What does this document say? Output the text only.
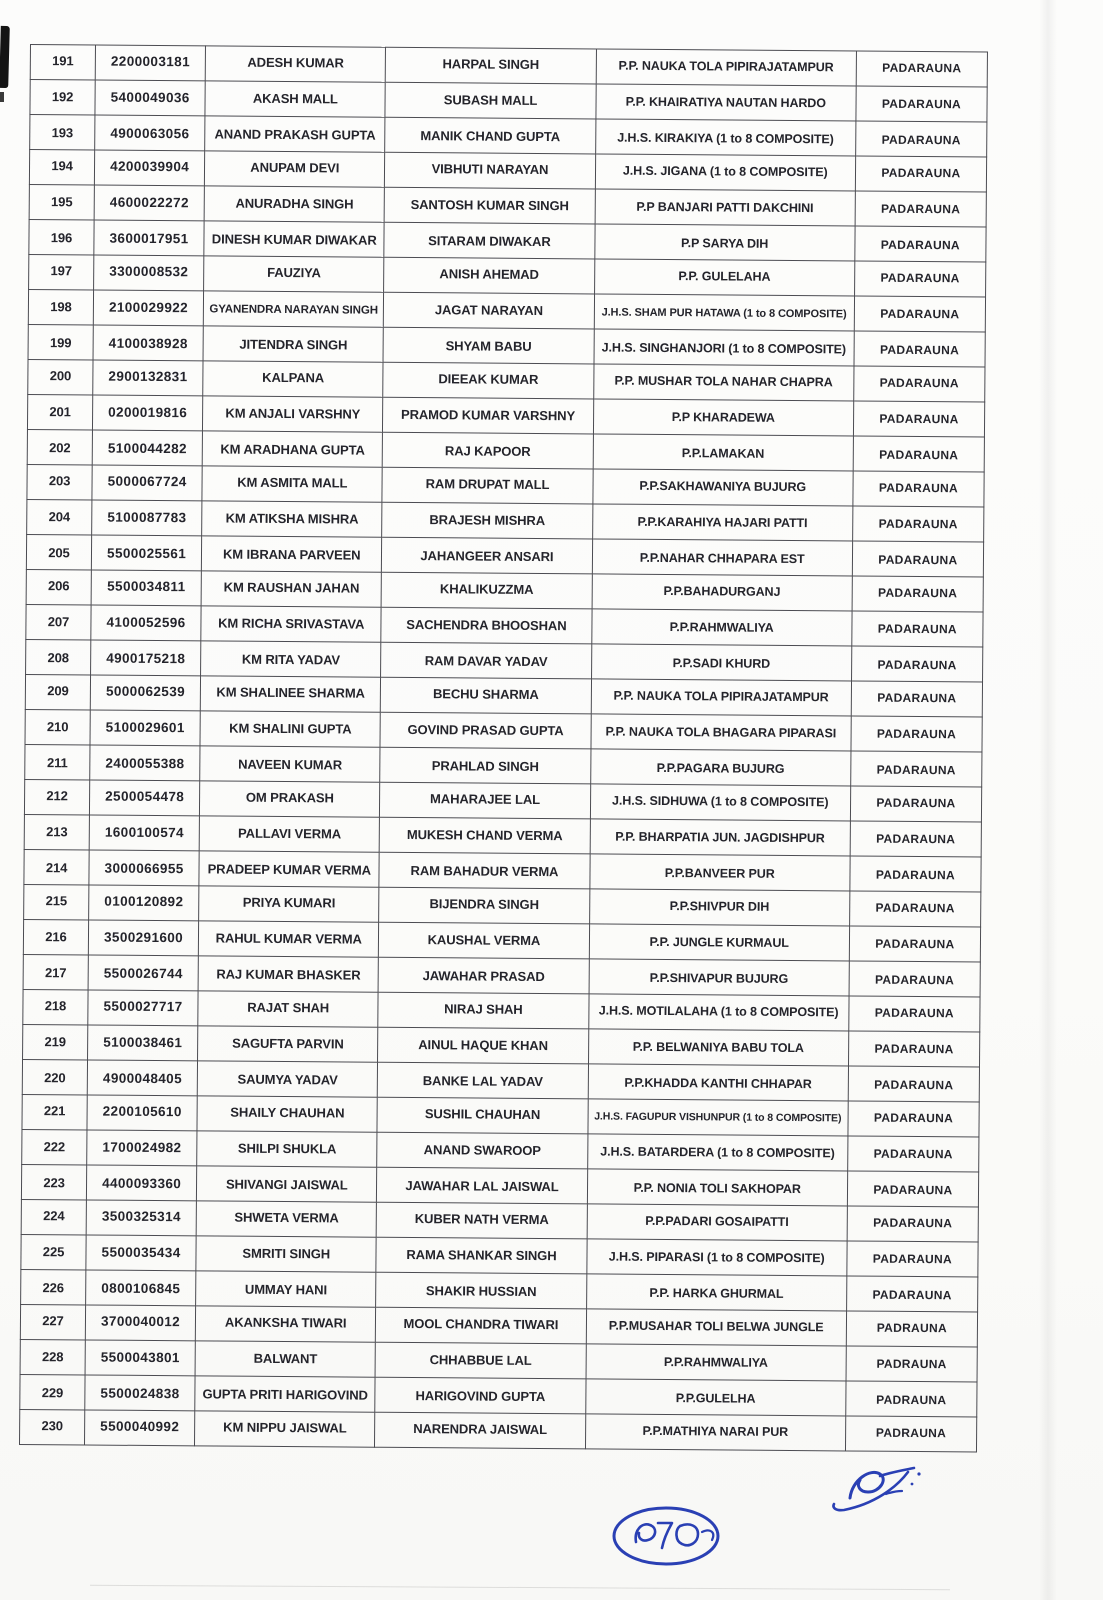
191	2200003181	ADESH KUMAR	HARPAL SINGH	P.P. NAUKA TOLA PIPIRAJATAMPUR	PADARAUNA
192	5400049036	AKASH MALL	SUBASH MALL	P.P. KHAIRATIYA NAUTAN HARDO	PADARAUNA
193	4900063056	ANAND PRAKASH GUPTA	MANIK CHAND GUPTA	J.H.S. KIRAKIYA (1 to 8 COMPOSITE)	PADARAUNA
194	4200039904	ANUPAM DEVI	VIBHUTI NARAYAN	J.H.S. JIGANA (1 to 8 COMPOSITE)	PADARAUNA
195	4600022272	ANURADHA SINGH	SANTOSH KUMAR SINGH	P.P BANJARI PATTI DAKCHINI	PADARAUNA
196	3600017951	DINESH KUMAR DIWAKAR	SITARAM DIWAKAR	P.P SARYA DIH	PADARAUNA
197	3300008532	FAUZIYA	ANISH AHEMAD	P.P. GULELAHA	PADARAUNA
198	2100029922	GYANENDRA NARAYAN SINGH	JAGAT NARAYAN	J.H.S. SHAM PUR HATAWA (1 to 8 COMPOSITE)	PADARAUNA
199	4100038928	JITENDRA SINGH	SHYAM BABU	J.H.S. SINGHANJORI (1 to 8 COMPOSITE)	PADARAUNA
200	2900132831	KALPANA	DIEEAK KUMAR	P.P. MUSHAR TOLA NAHAR CHAPRA	PADARAUNA
201	0200019816	KM ANJALI VARSHNY	PRAMOD KUMAR VARSHNY	P.P KHARADEWA	PADARAUNA
202	5100044282	KM ARADHANA GUPTA	RAJ KAPOOR	P.P.LAMAKAN	PADARAUNA
203	5000067724	KM ASMITA MALL	RAM DRUPAT MALL	P.P.SAKHAWANIYA BUJURG	PADARAUNA
204	5100087783	KM ATIKSHA MISHRA	BRAJESH MISHRA	P.P.KARAHIYA HAJARI PATTI	PADARAUNA
205	5500025561	KM IBRANA PARVEEN	JAHANGEER ANSARI	P.P.NAHAR CHHAPARA EST	PADARAUNA
206	5500034811	KM RAUSHAN JAHAN	KHALIKUZZMA	P.P.BAHADURGANJ	PADARAUNA
207	4100052596	KM RICHA SRIVASTAVA	SACHENDRA BHOOSHAN	P.P.RAHMWALIYA	PADARAUNA
208	4900175218	KM RITA YADAV	RAM DAVAR YADAV	P.P.SADI KHURD	PADARAUNA
209	5000062539	KM SHALINEE SHARMA	BECHU SHARMA	P.P. NAUKA TOLA PIPIRAJATAMPUR	PADARAUNA
210	5100029601	KM SHALINI GUPTA	GOVIND PRASAD GUPTA	P.P. NAUKA TOLA BHAGARA PIPARASI	PADARAUNA
211	2400055388	NAVEEN KUMAR	PRAHLAD SINGH	P.P.PAGARA BUJURG	PADARAUNA
212	2500054478	OM PRAKASH	MAHARAJEE LAL	J.H.S. SIDHUWA (1 to 8 COMPOSITE)	PADARAUNA
213	1600100574	PALLAVI VERMA	MUKESH CHAND VERMA	P.P. BHARPATIA JUN. JAGDISHPUR	PADARAUNA
214	3000066955	PRADEEP KUMAR VERMA	RAM BAHADUR VERMA	P.P.BANVEER PUR	PADARAUNA
215	0100120892	PRIYA KUMARI	BIJENDRA SINGH	P.P.SHIVPUR DIH	PADARAUNA
216	3500291600	RAHUL KUMAR VERMA	KAUSHAL VERMA	P.P. JUNGLE KURMAUL	PADARAUNA
217	5500026744	RAJ KUMAR BHASKER	JAWAHAR PRASAD	P.P.SHIVAPUR BUJURG	PADARAUNA
218	5500027717	RAJAT SHAH	NIRAJ SHAH	J.H.S. MOTILALAHA (1 to 8 COMPOSITE)	PADARAUNA
219	5100038461	SAGUFTA PARVIN	AINUL HAQUE KHAN	P.P. BELWANIYA BABU TOLA	PADARAUNA
220	4900048405	SAUMYA YADAV	BANKE LAL YADAV	P.P.KHADDA KANTHI CHHAPAR	PADARAUNA
221	2200105610	SHAILY CHAUHAN	SUSHIL CHAUHAN	J.H.S. FAGUPUR VISHUNPUR (1 to 8 COMPOSITE)	PADARAUNA
222	1700024982	SHILPI SHUKLA	ANAND SWAROOP	J.H.S. BATARDERA (1 to 8 COMPOSITE)	PADARAUNA
223	4400093360	SHIVANGI JAISWAL	JAWAHAR LAL JAISWAL	P.P. NONIA TOLI SAKHOPAR	PADARAUNA
224	3500325314	SHWETA VERMA	KUBER NATH VERMA	P.P.PADARI GOSAIPATTI	PADARAUNA
225	5500035434	SMRITI SINGH	RAMA SHANKAR SINGH	J.H.S. PIPARASI (1 to 8 COMPOSITE)	PADARAUNA
226	0800106845	UMMAY HANI	SHAKIR HUSSIAN	P.P. HARKA GHURMAL	PADARAUNA
227	3700040012	AKANKSHA TIWARI	MOOL CHANDRA TIWARI	P.P.MUSAHAR TOLI BELWA JUNGLE	PADRAUNA
228	5500043801	BALWANT	CHHABBUE LAL	P.P.RAHMWALIYA	PADRAUNA
229	5500024838	GUPTA PRITI HARIGOVIND	HARIGOVIND GUPTA	P.P.GULELHA	PADRAUNA
230	5500040992	KM NIPPU JAISWAL	NARENDRA JAISWAL	P.P.MATHIYA NARAI PUR	PADRAUNA
